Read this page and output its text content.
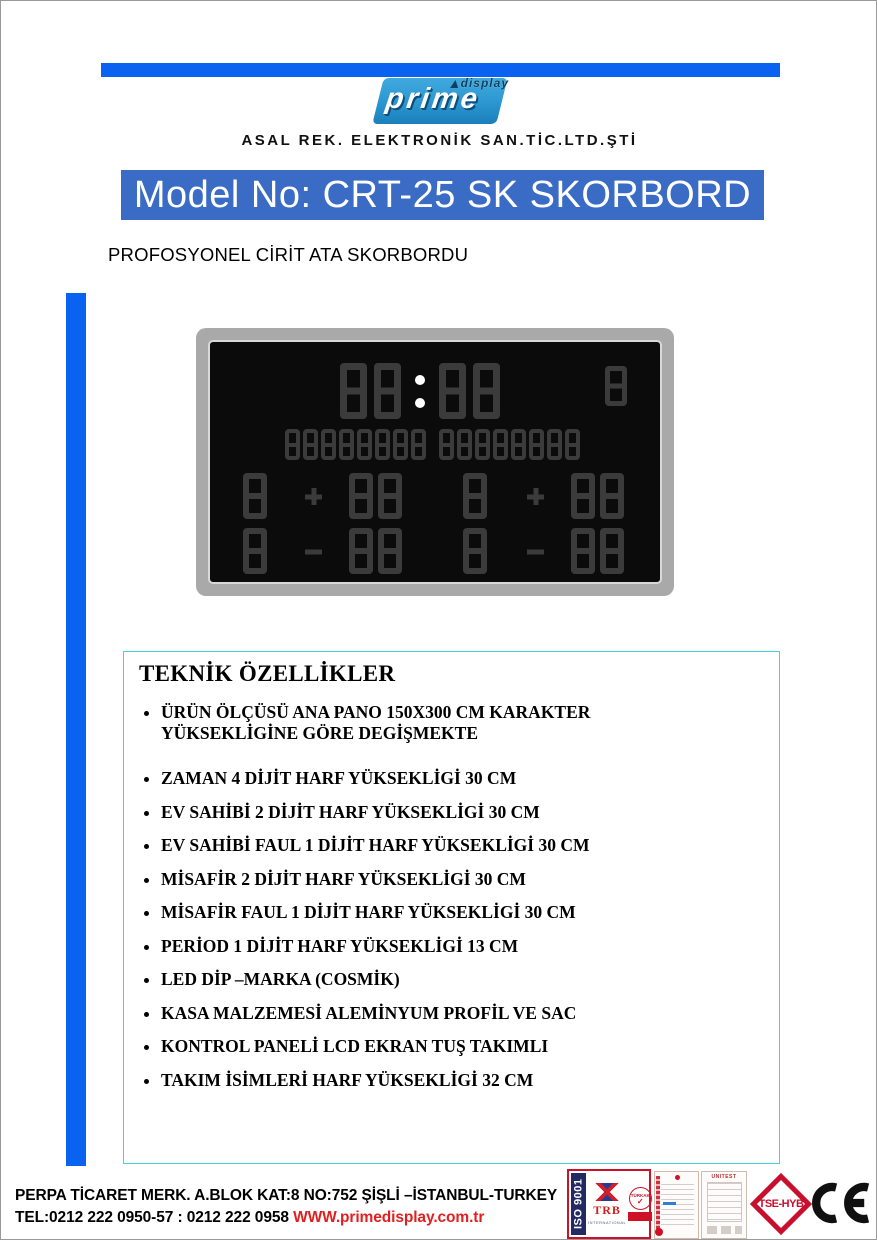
display
prime
ASAL REK. ELEKTRONİK SAN.TİC.LTD.ŞTİ
Model No: CRT-25 SK SKORBORD
PROFOSYONEL CİRİT ATA SKORBORDU
TEKNİK ÖZELLİKLER
• ÜRÜN ÖLÇÜSÜ ANA PANO 150X300 CM KARAKTER YÜKSEKLİGİNE GÖRE DEGİŞMEKTE
• ZAMAN 4 DİJİT HARF YÜKSEKLİGİ 30 CM
• EV SAHİBİ 2 DİJİT HARF YÜKSEKLİGİ 30 CM
• EV SAHİBİ FAUL 1 DİJİT HARF YÜKSEKLİGİ 30 CM
• MİSAFİR 2 DİJİT HARF YÜKSEKLİGİ 30 CM
• MİSAFİR FAUL 1 DİJİT HARF YÜKSEKLİGİ 30 CM
• PERİOD 1 DİJİT HARF YÜKSEKLİGİ 13 CM
• LED DİP –MARKA (COSMİK)
• KASA MALZEMESİ ALEMİNYUM PROFİL VE SAC
• KONTROL PANELİ LCD EKRAN TUŞ TAKIMLI
• TAKIM İSİMLERİ HARF YÜKSEKLİGİ 32 CM
PERPA TİCARET MERK. A.BLOK KAT:8 NO:752 ŞİŞLİ –İSTANBUL-TURKEY
TEL:0212 222 0950-57 : 0212 222 0958 WWW.primedisplay.com.tr	ISO 9001 TRB
INTERNATIONAL
TÜRKAK
✓
UNITEST
TSE-HYB
